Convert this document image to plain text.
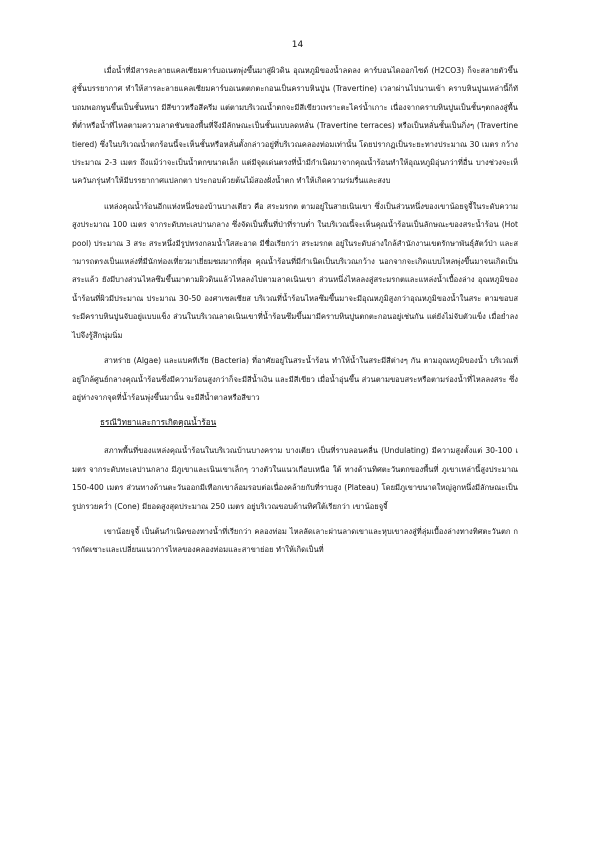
14

เมื่อน้ำที่มีสารละลายแคลเซียมคาร์บอเนตพุ่งขึ้นมาสู่ผิวดิน อุณหภูมิของน้ำลดลง คาร์บอนไดออกไซด์ (H2CO3) ก็จะสลายตัวขึ้นสู่ชั้นบรรยากาศ ทำให้สารละลายแคลเซียมคาร์บอเนตตกตะกอนเป็นคราบหินปูน (Travertine) เวลาผ่านไปนานเข้า คราบหินปูนเหล่านี้ก็ทับถมพอกพูนขึ้นเป็นชั้นหนา มีสีขาวหรือสีครีม แต่ตามบริเวณน้ำตกจะมีสีเขียวเพราะตะไคร่น้ำเกาะ เนื่องจากคราบหินปูนเป็นชั้นๆตกลงสู่พื้นที่ต่ำหรือน้ำที่ไหลตามความลาดชันของพื้นที่จึงมีลักษณะเป็นชั้นแบบลดหลั่น (Travertine terraces) หรือเป็นหลั่นชั้นเป็นกิ่งๆ (Travertine tiered) ซึ่งในบริเวณน้ำตกร้อนนี้จะเห็นชั้นหรือหลั่นตั้งกล่าวอยู่ที่บริเวณคลองท่อมเท่านั้น โดยปรากฏเป็นระยะทางประมาณ 30 เมตร กว้างประมาณ 2-3 เมตร ถึงแม้ว่าจะเป็นน้ำตกขนาดเล็ก แต่มีจุดเด่นตรงที่น้ำมีกำเนิดมาจากคุณน้ำร้อนทำให้อุณหภูมิอุ่นกว่าที่อื่น บางช่วงจะเห็นควันกรุ่นทำให้มีบรรยากาศแปลกตา ประกอบด้วยต้นไม้สองฝั่งน้ำตก ทำให้เกิดความร่มรื่นและสงบ

แหล่งคุณน้ำร้อนอีกแห่งหนึ่งของบ้านบางเตียว คือ สระมรกต ตามอยู่ในสายเนินเขา ซึ่งเป็นส่วนหนึ่งของเขาน้อยจูจี้ในระดับความสูงประมาณ 100 เมตร จากระดับทะเลปานกลาง ซึ่งจัดเป็นพื้นที่ป่าที่ราบต่ำ ในบริเวณนี้จะเห็นคุณน้ำร้อนเป็นลักษณะของสระน้ำร้อน (Hot pool) ประมาณ 3 สระ สระหนึ่งมีรูปทรงกลมน้ำใสสะอาด มีชื่อเรียกว่า สระมรกต อยู่ในระดับล่างใกล้สำนักงานเขตรักษาพันธุ์สัตว์ป่า และสามารถตรงเป็นแหล่งที่มีนักท่องเที่ยวมาเยี่ยมชมมากที่สุด คุณน้ำร้อนที่มีกำเนิดเป็นบริเวณกว้าง นอกจากจะเกิดแบบไหลพุ่งขึ้นมาจนเกิดเป็นสระแล้ว ยังมีบางส่วนไหลซึมขึ้นมาตามผิวดินแล้วไหลลงไปตามลาดเนินเขา ส่วนหนึ่งไหลลงสู่สระมรกตและแหล่งน้ำเบื้องล่าง อุณหภูมิของน้ำร้อนที่ผิวมีประมาณ ประมาณ 30-50 องศาเซลเซียส บริเวณที่น้ำร้อนไหลซึมขึ้นมาจะมีอุณหภูมิสูงกว่าอุณหภูมิของน้ำในสระ ตามขอบสระมีคราบหินปูนจับอยู่แบบแข็ง ส่วนในบริเวณลาดเนินเขาที่น้ำร้อนซึมขึ้นมามีคราบหินปูนตกตะกอนอยู่เช่นกัน แต่ยังไม่จับตัวแข็ง เมื่อย่ำลงไปจึงรู้สึกนุ่มนิ่ม

สาหร่าย (Algae) และแบคทีเรีย (Bacteria) ที่อาศัยอยู่ในสระน้ำร้อน ทำให้น้ำในสระมีสีต่างๆ กัน ตามอุณหภูมิของน้ำ บริเวณที่อยู่ใกล้ศูนย์กลางคุณน้ำร้อนซึ่งมีความร้อนสูงกว่าก็จะมีสีน้ำเงิน และมีสีเขียว เมื่อน้ำอุ่นขึ้น ส่วนตามขอบสระหรือตามร่องน้ำที่ไหลลงสระ ซึ่งอยู่ห่างจากจุดที่น้ำร้อนพุ่งขึ้นมานั้น จะมีสีน้ำตาลหรือสีขาว

ธรณีวิทยาและการเกิดคุณน้ำร้อน

สภาพพื้นที่ของแหล่งคุณน้ำร้อนในบริเวณบ้านบางคราม บางเตียว เป็นที่ราบลอนคลื่น (Undulating) มีความสูงตั้งแต่ 30-100 เมตร จากระดับทะเลปานกลาง มีภูเขาและเนินเขาเล็กๆ วางตัวในแนวเกือบเหนือ ใต้ ทางด้านทิศตะวันตกของพื้นที่ ภูเขาเหล่านี้สูงประมาณ 150-400 เมตร ส่วนทางด้านตะวันออกมีเทือกเขาล้อมรอบต่อเนื่องคล้ายกับที่ราบสูง (Plateau) โดยมีภูเขาขนาดใหญ่ลูกหนึ่งมีลักษณะเป็นรูปกรวยคว่ำ (Cone) มียอดสูงสุดประมาณ 250 เมตร อยู่บริเวณขอบด้านทิศใต้เรียกว่า เขาน้อยจูจี้

เขาน้อยจูจี้ เป็นต้นกำเนิดของทางน้ำที่เรียกว่า คลองท่อม ไหลลัดเลาะผ่านลาดเขาและหุบเขาลงสู่ที่ลุ่มเบื้องล่างทางทิศตะวันตก การกัดเซาะและเปลี่ยนแนวการไหลของคลองท่อมและสาขาย่อย ทำให้เกิดเป็นที่
